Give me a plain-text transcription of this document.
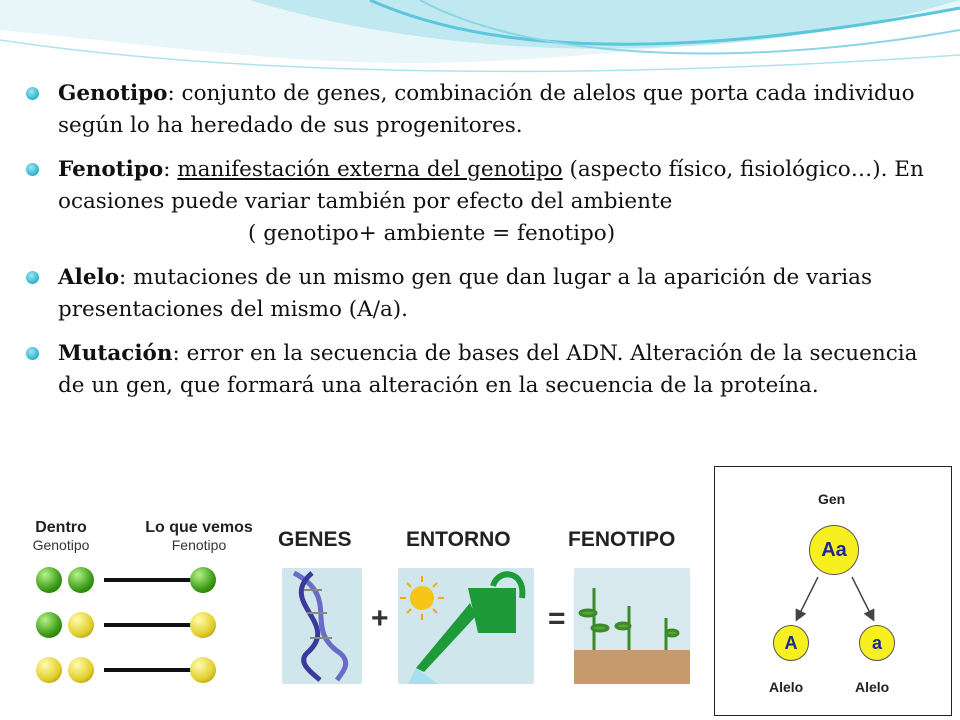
Genotipo: conjunto de genes, combinación de alelos que porta cada individuo según lo ha heredado de sus progenitores.
Fenotipo: manifestación externa del genotipo (aspecto físico, fisiológico…). En ocasiones puede variar también por efecto del ambiente
( genotipo+ ambiente = fenotipo)
Alelo: mutaciones de un mismo gen que dan lugar a la aparición de varias presentaciones del mismo (A/a).
Mutación: error en la secuencia de bases del ADN. Alteración de la secuencia de un gen, que formará una alteración en la secuencia de la proteína.
Dentro
Genotipo
Lo que vemos
Fenotipo	GENES	ENTORNO	FENOTIPO
+	=
Gen
Aa
A	a
Alelo	Alelo
